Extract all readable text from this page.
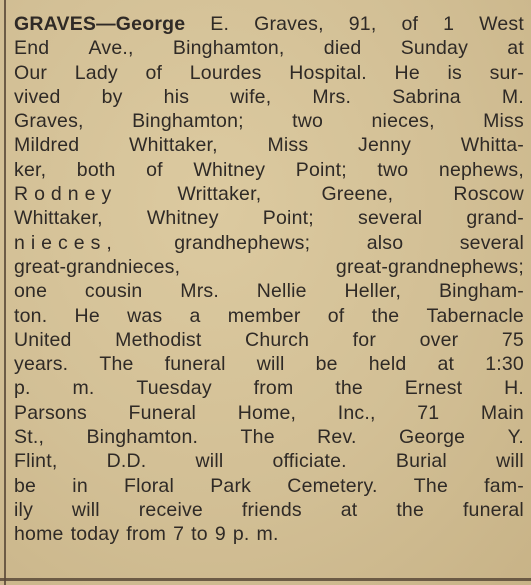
GRAVES—George E. Graves, 91, of 1 West
End Ave., Binghamton, died Sunday at
Our Lady of Lourdes Hospital. He is sur-
vived by his wife, Mrs. Sabrina M.
Graves, Binghamton; two nieces, Miss
Mildred	Whittaker,	Miss	Jenny	Whitta-
ker, both of Whitney Point; two nephews,
Rodney	Writtaker,	Greene,	Roscow
Whittaker, Whitney Point; several grand-
nieces,	grandhephews;	also	several
great-grandnieces,	great-grandnephews;
one cousin Mrs. Nellie Heller, Bingham-
ton. He was a member of the Tabernacle
United Methodist Church for over 75
years. The funeral will be held at 1:30
p. m. Tuesday from the Ernest H.
Parsons Funeral Home, Inc., 71 Main
St., Binghamton. The Rev. George Y.
Flint,	D.D.	will	officiate.	Burial	will
be in Floral Park Cemetery. The fam-
ily will receive friends at the funeral
home today from 7 to 9 p. m.
